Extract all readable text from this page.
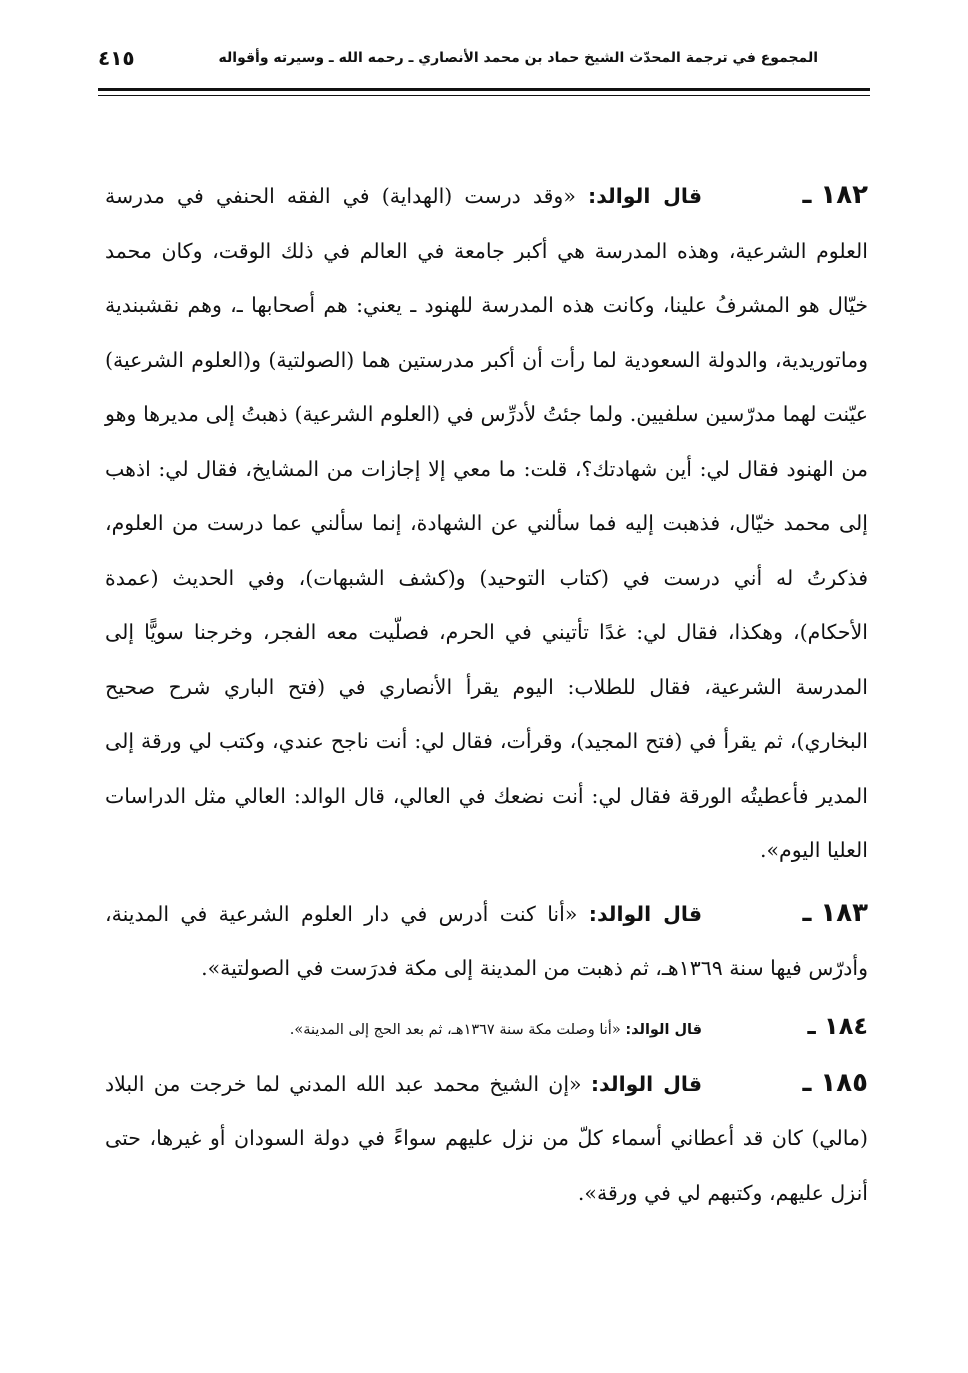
المجموع في ترجمة المحدّث الشيخ حماد بن محمد الأنصاري ـ رحمه الله ـ وسيرته وأقواله
٤١٥

١٨٢ ـقال الوالد: «وقد درست (الهداية) في الفقه الحنفي في مدرسة العلوم الشرعية، وهذه المدرسة هي أكبر جامعة في العالم في ذلك الوقت، وكان محمد خيّال هو المشرفُ علينا، وكانت هذه المدرسة للهنود ـ يعني: هم أصحابها ـ، وهم نقشبندية وماتوريدية، والدولة السعودية لما رأت أن أكبر مدرستين هما (الصولتية) و(العلوم الشرعية) عيّنت لهما مدرّسين سلفيين. ولما جئتُ لأدرِّس في (العلوم الشرعية) ذهبتُ إلى مديرها وهو من الهنود فقال لي: أين شهادتك؟، قلت: ما معي إلا إجازات من المشايخ، فقال لي: اذهب إلى محمد خيّال، فذهبت إليه فما سألني عن الشهادة، إنما سألني عما درست من العلوم، فذكرتُ له أني درست في (كتاب التوحيد) و(كشف الشبهات)، وفي الحديث (عمدة الأحكام)، وهكذا، فقال لي: غدًا تأتيني في الحرم، فصلّيت معه الفجر، وخرجنا سويًّا إلى المدرسة الشرعية، فقال للطلاب: اليوم يقرأ الأنصاري في (فتح الباري شرح صحيح البخاري)، ثم يقرأ في (فتح المجيد)، وقرأت، فقال لي: أنت ناجح عندي، وكتب لي ورقة إلى المدير فأعطيتُه الورقة فقال لي: أنت نضعك في العالي، قال الوالد: العالي مثل الدراسات العليا اليوم».

١٨٣ ـقال الوالد: «أنا كنت أدرس في دار العلوم الشرعية في المدينة، وأدرّس فيها سنة ١٣٦٩هـ، ثم ذهبت من المدينة إلى مكة فدرَست في الصولتية».

١٨٤ ـقال الوالد: «أنا وصلت مكة سنة ١٣٦٧هـ، ثم بعد الحج إلى المدينة».

١٨٥ ـقال الوالد: «إن الشيخ محمد عبد الله المدني لما خرجت من البلاد (مالي) كان قد أعطاني أسماء كلّ من نزل عليهم سواءً في دولة السودان أو غيرها، حتى أنزل عليهم، وكتبهم لي في ورقة».
